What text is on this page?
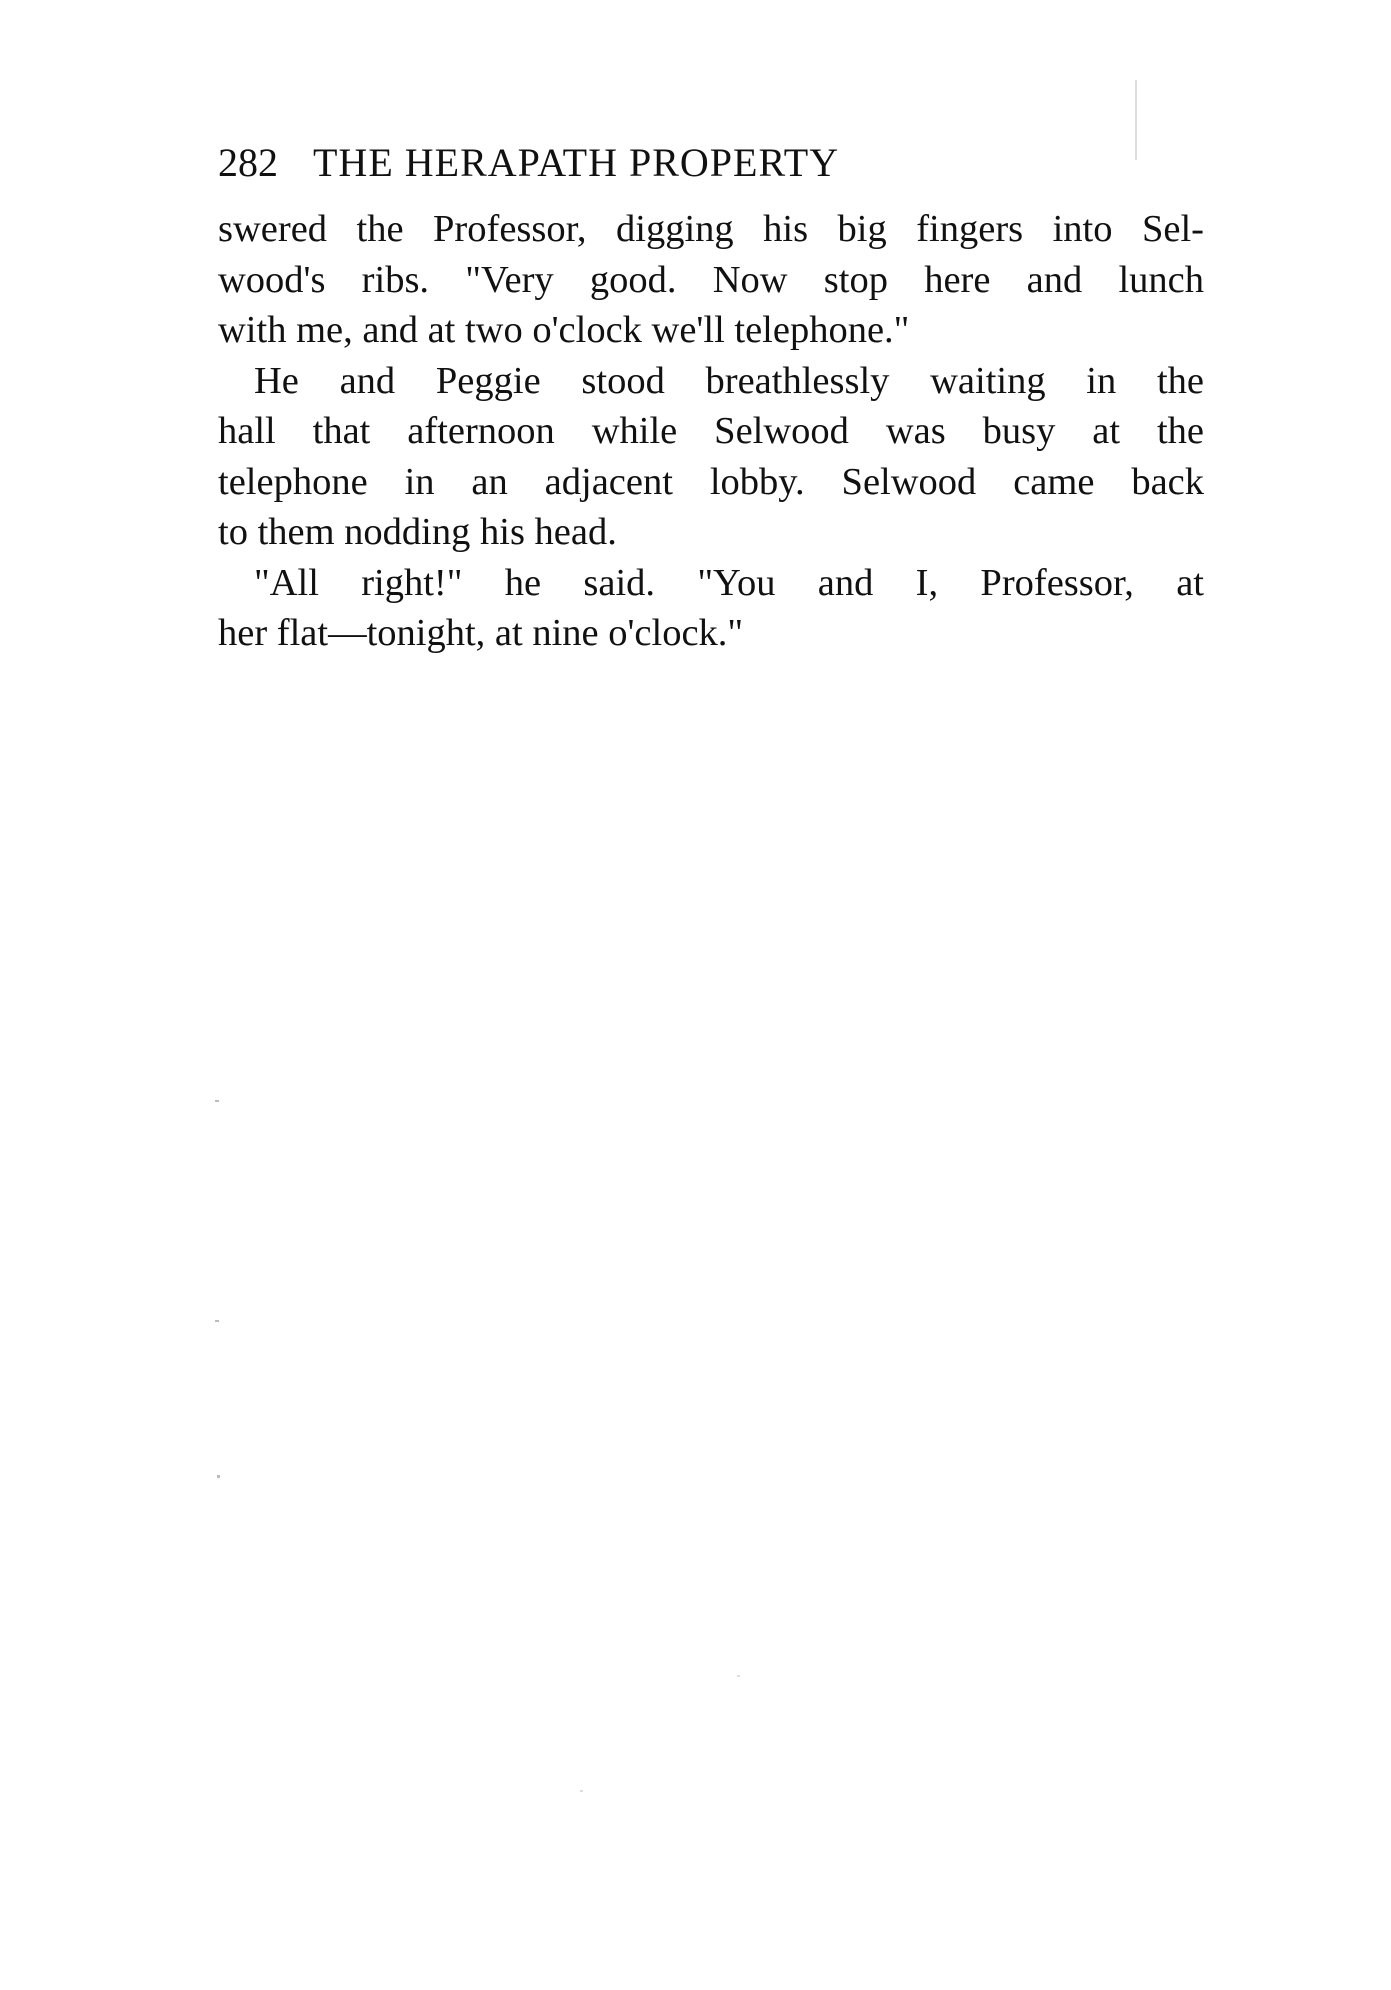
282 THE HERAPATH PROPERTY
swered the Professor, digging his big fingers into Sel-
wood's ribs. "Very good. Now stop here and lunch
with me, and at two o'clock we'll telephone."
He and Peggie stood breathlessly waiting in the
hall that afternoon while Selwood was busy at the
telephone in an adjacent lobby. Selwood came back
to them nodding his head.
"All right!" he said. "You and I, Professor, at
her flat—tonight, at nine o'clock."
